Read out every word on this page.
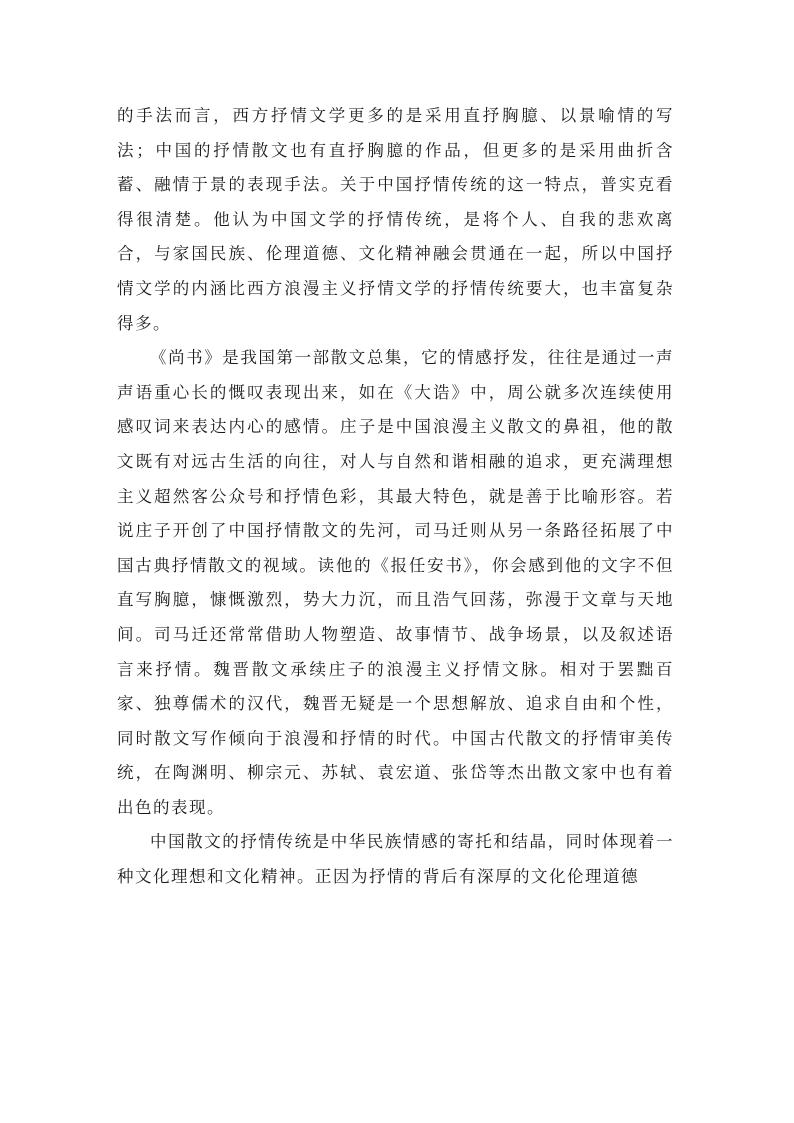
的手法而言，西方抒情文学更多的是采用直抒胸臆、以景喻情的写法；中国的抒情散文也有直抒胸臆的作品，但更多的是采用曲折含蓄、融情于景的表现手法。关于中国抒情传统的这一特点，普实克看得很清楚。他认为中国文学的抒情传统，是将个人、自我的悲欢离合，与家国民族、伦理道德、文化精神融会贯通在一起，所以中国抒情文学的内涵比西方浪漫主义抒情文学的抒情传统要大，也丰富复杂得多。

《尚书》是我国第一部散文总集，它的情感抒发，往往是通过一声声语重心长的慨叹表现出来，如在《大诰》中，周公就多次连续使用感叹词来表达内心的感情。庄子是中国浪漫主义散文的鼻祖，他的散文既有对远古生活的向往，对人与自然和谐相融的追求，更充满理想主义超然客公众号和抒情色彩，其最大特色，就是善于比喻形容。若说庄子开创了中国抒情散文的先河，司马迁则从另一条路径拓展了中国古典抒情散文的视域。读他的《报任安书》，你会感到他的文字不但直写胸臆，慷慨激烈，势大力沉，而且浩气回荡，弥漫于文章与天地间。司马迁还常常借助人物塑造、故事情节、战争场景，以及叙述语言来抒情。魏晋散文承续庄子的浪漫主义抒情文脉。相对于罢黜百家、独尊儒术的汉代，魏晋无疑是一个思想解放、追求自由和个性，同时散文写作倾向于浪漫和抒情的时代。中国古代散文的抒情审美传统，在陶渊明、柳宗元、苏轼、袁宏道、张岱等杰出散文家中也有着出色的表现。

中国散文的抒情传统是中华民族情感的寄托和结晶，同时体现着一种文化理想和文化精神。正因为抒情的背后有深厚的文化伦理道德
